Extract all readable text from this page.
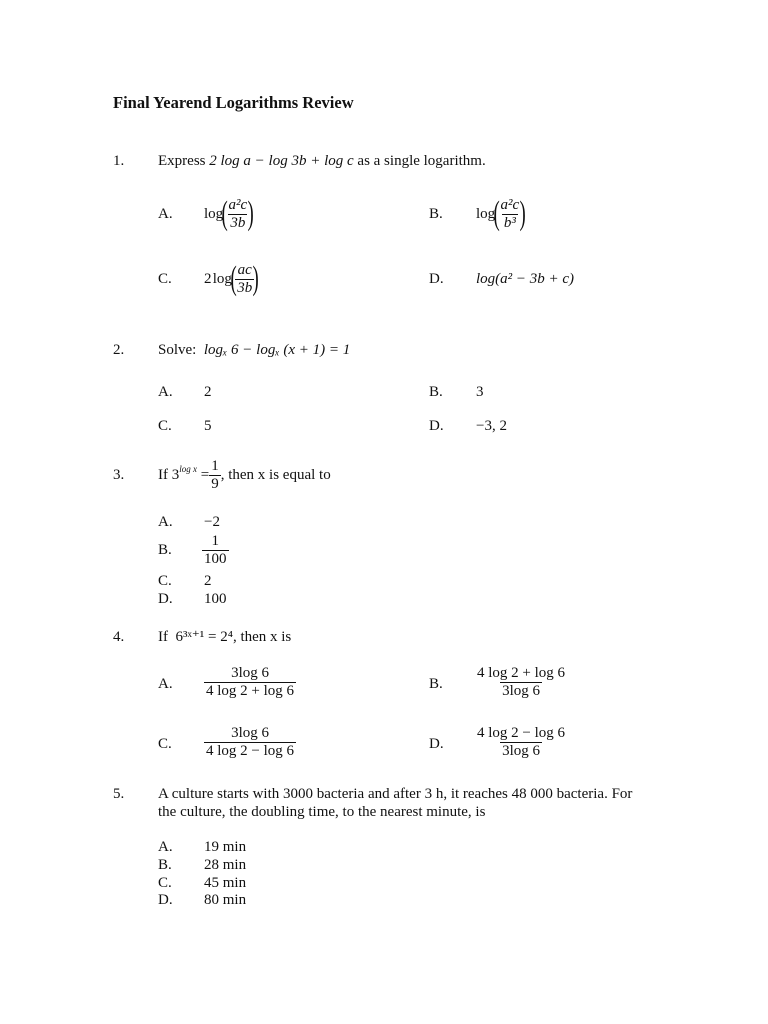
Final Yearend Logarithms Review
1. Express 2 log a − log 3b + log c as a single logarithm.
A. log
(
$\frac{\text{a²c}}{3b}$
)	B. log
(
$\frac{\text{a²c}}{\text{b³}}$
)
C. 2
  log
(
$\frac{ac}{3b}$
)	D. log(a² − 3b + c)
2. Solve: logₓ 6 − logₓ (x + 1) = 1
A. 2	B. 3
C. 5	D. −3, 2
3. If $3^{log x}$
= $\frac{1}{9}$ , then x is equal to
A. −2
B. $\frac{1}{100}$
C. 2
D. 100
4. If 6³ˣ⁺¹ = 2⁴, then x is
A. $\frac{3\log 6}{4 \log 2 + \log 6}$	B. $\frac{4 \log 2 + \log 6}{3\log 6}$
C. $\frac{3\log 6}{4 \log 2 - \log 6}$	D. $\frac{4 \log 2 - \log 6}{3\log 6}$
5. A culture starts with 3000 bacteria and after 3 h, it reaches 48 000 bacteria. For
the culture, the doubling time, to the nearest minute, is
A. 19 min
B. 28 min
C. 45 min
D. 80 min
